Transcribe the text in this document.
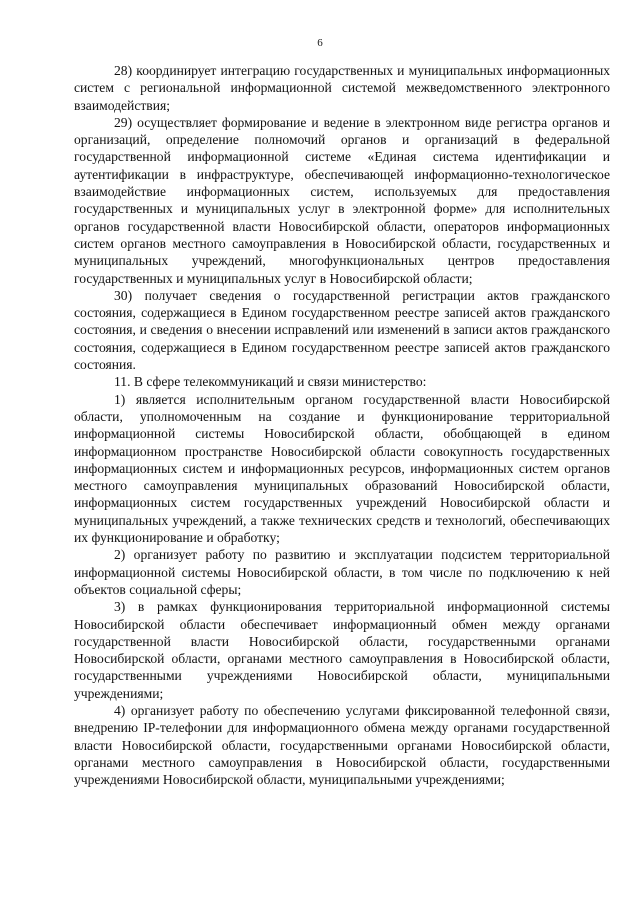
6

28) координирует интеграцию государственных и муниципальных информационных систем с региональной информационной системой межведомственного электронного взаимодействия;

29) осуществляет формирование и ведение в электронном виде регистра органов и организаций, определение полномочий органов и организаций в федеральной государственной информационной системе «Единая система идентификации и аутентификации в инфраструктуре, обеспечивающей информационно-технологическое взаимодействие информационных систем, используемых для предоставления государственных и муниципальных услуг в электронной форме» для исполнительных органов государственной власти Новосибирской области, операторов информационных систем органов местного самоуправления в Новосибирской области, государственных и муниципальных учреждений, многофункциональных центров предоставления государственных и муниципальных услуг в Новосибирской области;

30) получает сведения о государственной регистрации актов гражданского состояния, содержащиеся в Едином государственном реестре записей актов гражданского состояния, и сведения о внесении исправлений или изменений в записи актов гражданского состояния, содержащиеся в Едином государственном реестре записей актов гражданского состояния.

11. В сфере телекоммуникаций и связи министерство:

1) является исполнительным органом государственной власти Новосибирской области, уполномоченным на создание и функционирование территориальной информационной системы Новосибирской области, обобщающей в едином информационном пространстве Новосибирской области совокупность государственных информационных систем и информационных ресурсов, информационных систем органов местного самоуправления муниципальных образований Новосибирской области, информационных систем государственных учреждений Новосибирской области и муниципальных учреждений, а также технических средств и технологий, обеспечивающих их функционирование и обработку;

2) организует работу по развитию и эксплуатации подсистем территориальной информационной системы Новосибирской области, в том числе по подключению к ней объектов социальной сферы;

3) в рамках функционирования территориальной информационной системы Новосибирской области обеспечивает информационный обмен между органами государственной власти Новосибирской области, государственными органами Новосибирской области, органами местного самоуправления в Новосибирской области, государственными учреждениями Новосибирской области, муниципальными учреждениями;

4) организует работу по обеспечению услугами фиксированной телефонной связи, внедрению IP-телефонии для информационного обмена между органами государственной власти Новосибирской области, государственными органами Новосибирской области, органами местного самоуправления в Новосибирской области, государственными учреждениями Новосибирской области, муниципальными учреждениями;
